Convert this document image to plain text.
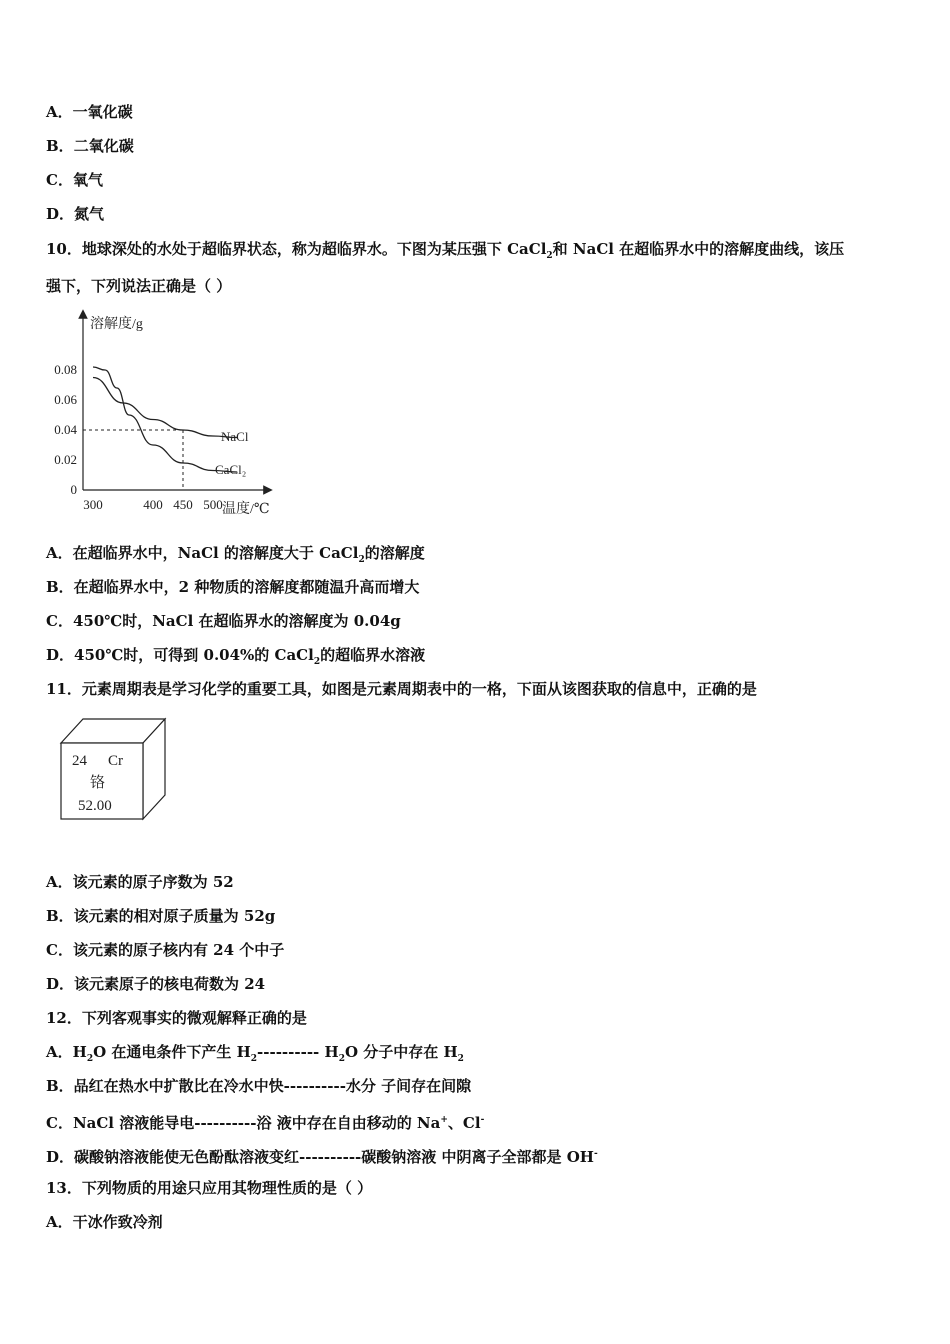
A．一氧化碳
B．二氧化碳
C．氧气
D．氮气
10．地球深处的水处于超临界状态，称为超临界水。下图为某压强下 CaCl$_2$和 NaCl 在超临界水中的溶解度曲线，该压
强下，下列说法正确是（ ）
溶解度/g
温度/℃
0
0.02
0.04
0.06
0.08
300	400 450 500
NaCl
CaCl₂
A．在超临界水中，NaCl 的溶解度大于 CaCl$_2$的溶解度
B．在超临界水中，2 种物质的溶解度都随温升高而增大
C．450℃时，NaCl 在超临界水的溶解度为 0.04g
D．450℃时，可得到 0.04%的 CaCl$_2$的超临界水溶液
11．元素周期表是学习化学的重要工具，如图是元素周期表中的一格，下面从该图获取的信息中，正确的是
24 Cr
铬
52.00
A．该元素的原子序数为 52
B．该元素的相对原子质量为 52g
C．该元素的原子核内有 24 个中子
D．该元素原子的核电荷数为 24
12．下列客观事实的微观解释正确的是
A．$H_2O$ 在通电条件下产生 $H_2----------$ $H_2O$ 分子中存在 $H_2$
B．品红在热水中扩散比在冷水中快----------水分 子间存在间隙
C．NaCl 溶液能导电----------浴 液中存在自由移动的 Na+、Cl-
D．碳酸钠溶液能使无色酚酞溶液变红----------碳酸钠溶液 中阴离子全部都是 OH-
13．下列物质的用途只应用其物理性质的是（ ）
A．干冰作致冷剂
